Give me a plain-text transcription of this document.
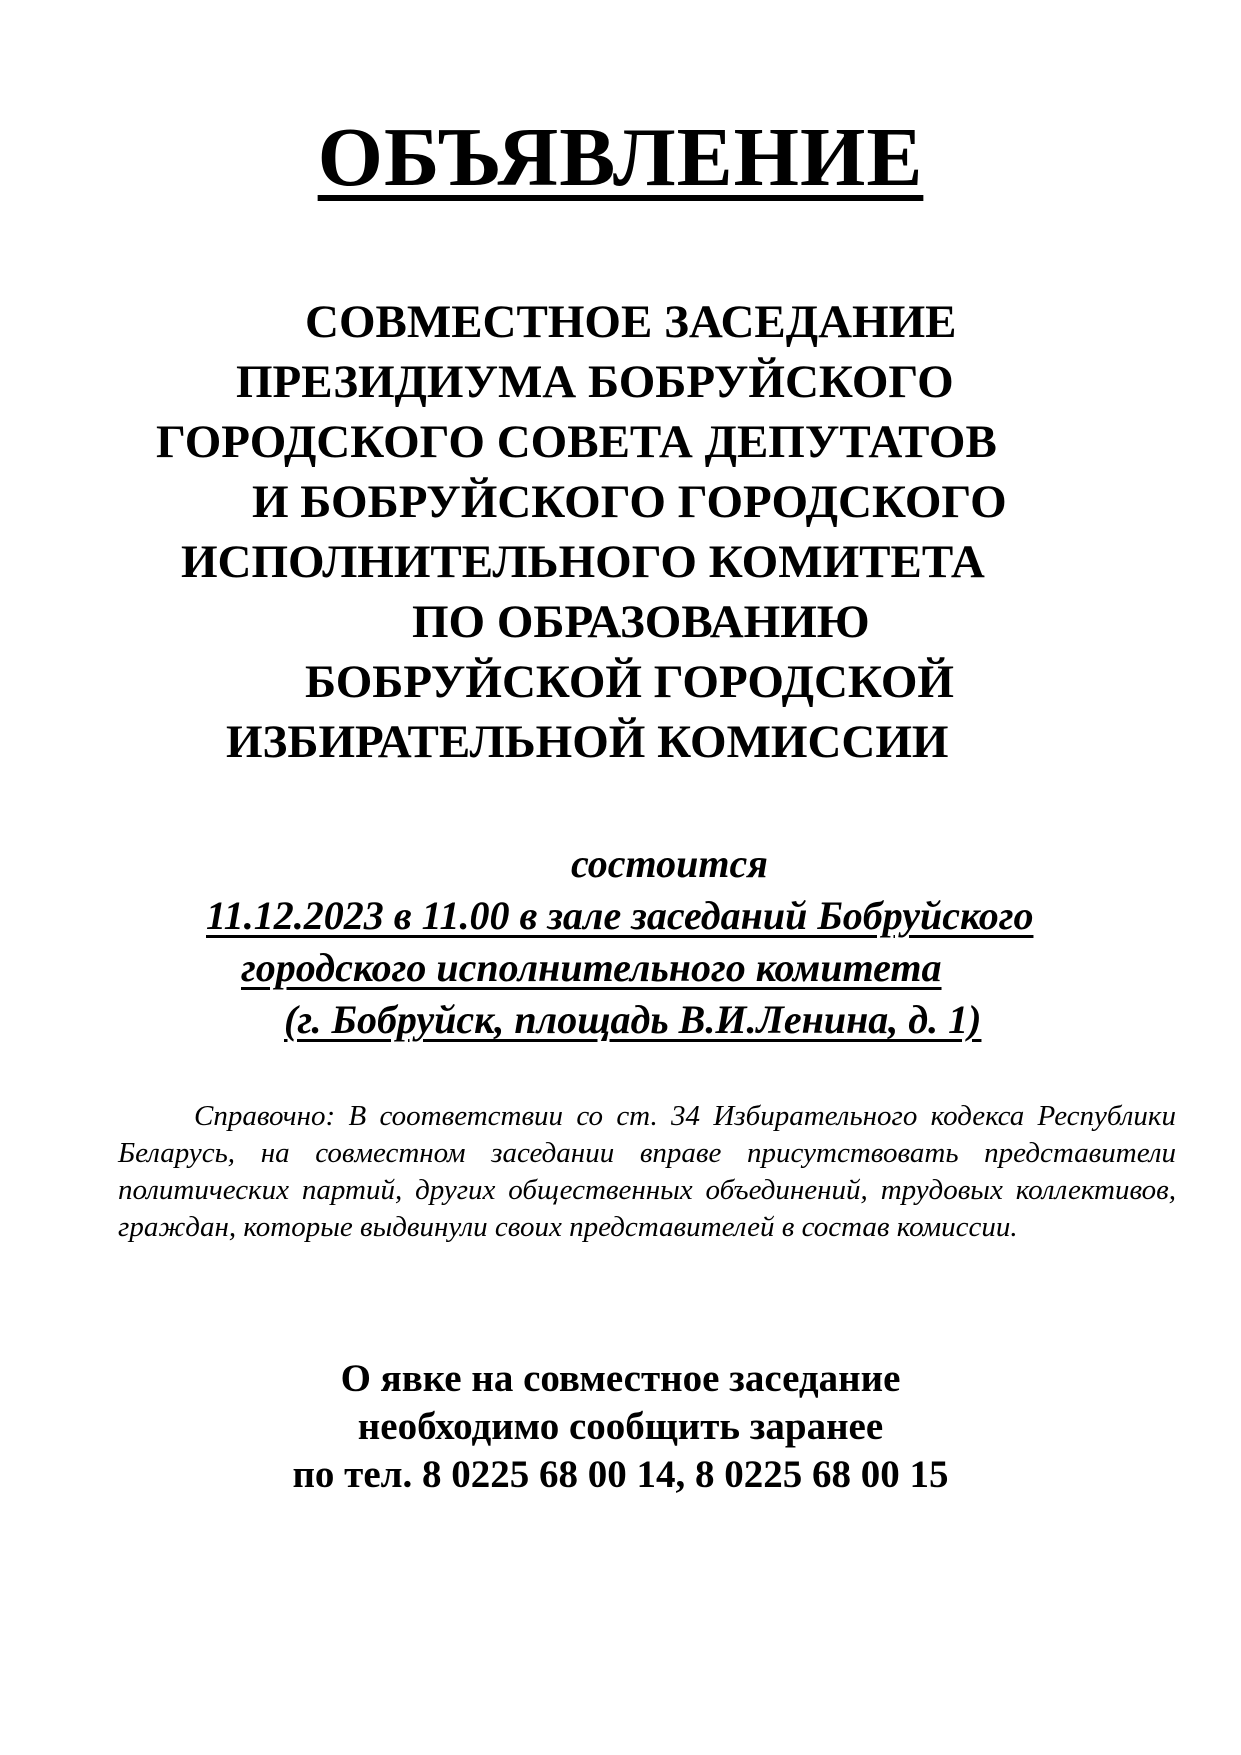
ОБЪЯВЛЕНИЕ
СОВМЕСТНОЕ ЗАСЕДАНИЕ
ПРЕЗИДИУМА БОБРУЙСКОГО
ГОРОДСКОГО СОВЕТА ДЕПУТАТОВ
И БОБРУЙСКОГО ГОРОДСКОГО
ИСПОЛНИТЕЛЬНОГО КОМИТЕТА
ПО ОБРАЗОВАНИЮ
БОБРУЙСКОЙ ГОРОДСКОЙ
ИЗБИРАТЕЛЬНОЙ КОМИССИИ
состоится
11.12.2023 в 11.00 в зале заседаний Бобруйского
городского исполнительного комитета
(г. Бобруйск, площадь В.И.Ленина, д. 1)
Справочно: В соответствии со ст. 34 Избирательного кодекса Республики Беларусь, на совместном заседании вправе присутствовать представители политических партий, других общественных объединений, трудовых коллективов, граждан, которые выдвинули своих представителей в состав комиссии.
О явке на совместное заседание
необходимо сообщить заранее
по тел. 8 0225 68 00 14, 8 0225 68 00 15
